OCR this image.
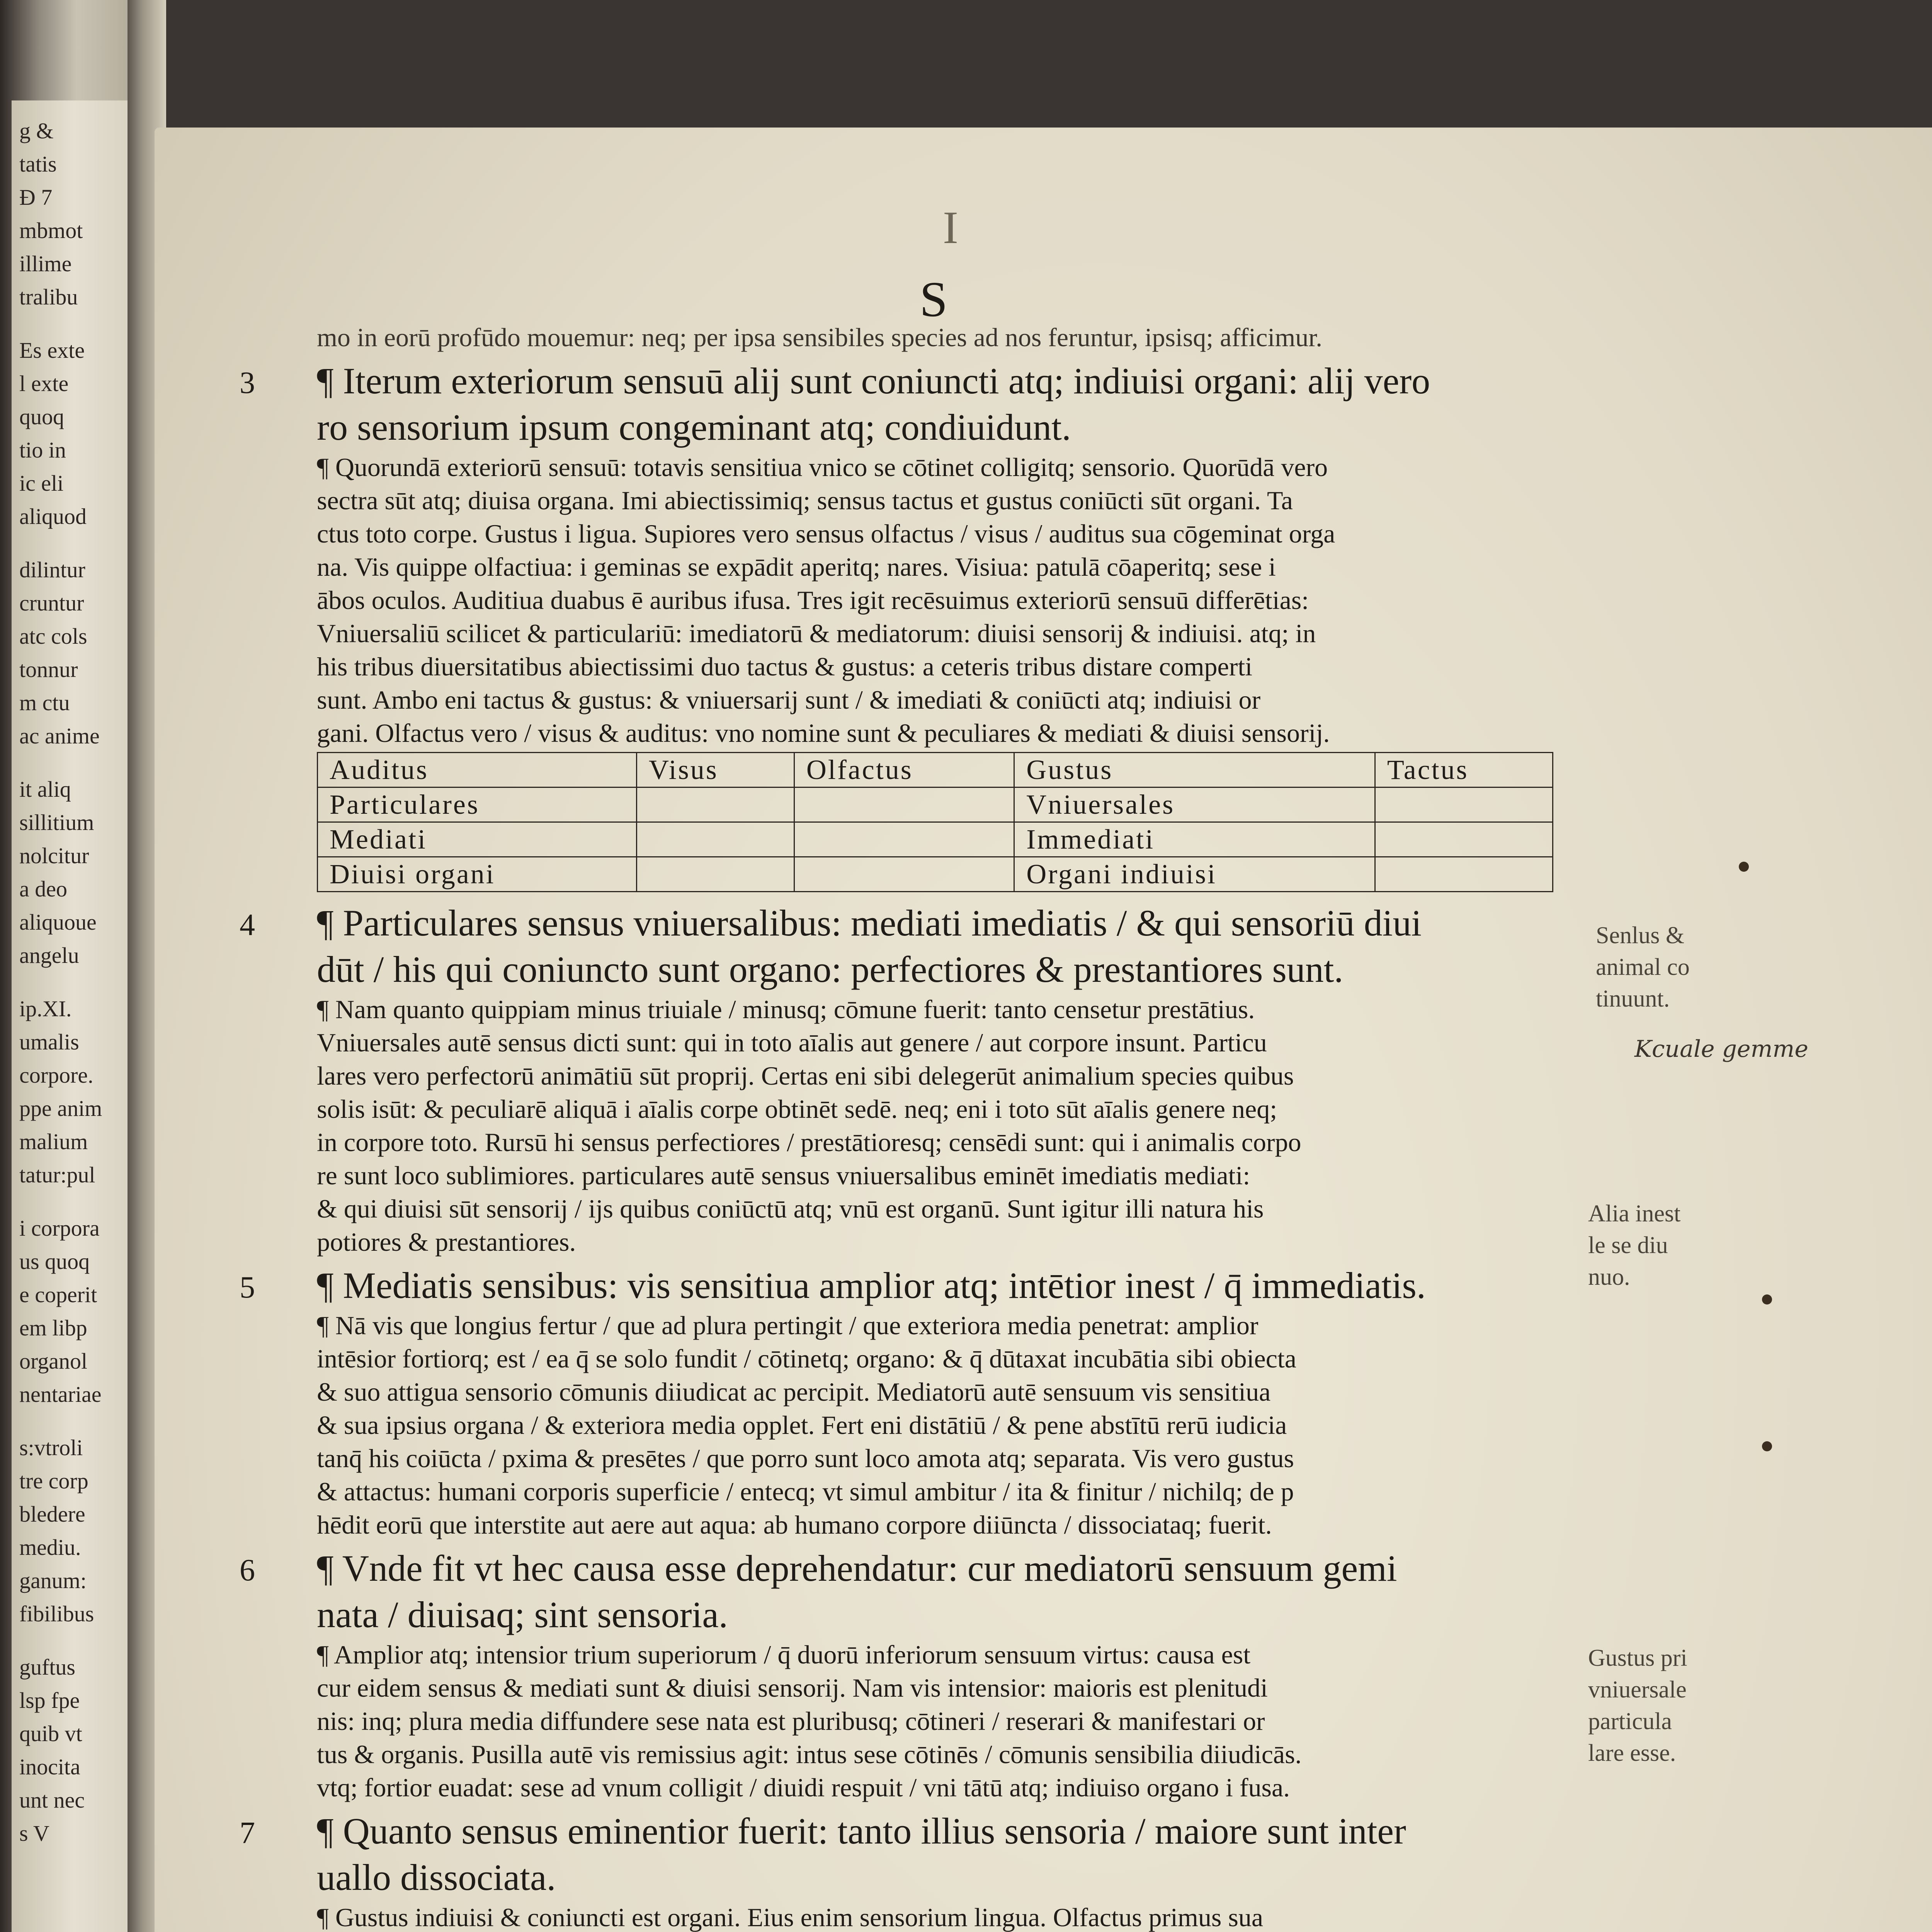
g &
tatis
Ɖ 7
mbmot
illime
tralibu
Es exte
l exte
quoq
tio in
ic eli
aliquod
dilintur
cruntur
atc cols
tonnur
m ctu
ac anime
it aliq
sillitium
nolcitur
a deo
aliquoue
angelu
ip.XI.
umalis
corpore.
ppe anim
malium
tatur:pul
i corpora
us quoq
e coperit
em libp
organol
nentariae
s:vtroli
tre corp
bledere
mediu.
ganum:
fibilibus
guftus
lsp fpe
quib vt
inocita
unt nec
s V
I
S
mo in eorū profūdo mouemur: neq; per ipsa sensibiles species ad nos feruntur, ipsisq; afficimur.
3 ¶ Iterum exteriorum sensuū alij sunt coniuncti atq; indiuisi organi: alij vero
ro sensorium ipsum congeminant atq; condiuidunt.
¶ Quorundā exteriorū sensuū: totavis sensitiua vnico se cōtinet colligitq; sensorio. Quorūdā vero
sectra sūt atq; diuisa organa. Imi abiectissimiq; sensus tactus et gustus coniūcti sūt organi. Ta
ctus toto corpe. Gustus i ligua. Supiores vero sensus olfactus / visus / auditus sua cōgeminat orga
na. Vis quippe olfactiua: i geminas se expādit aperitq; nares. Visiua: patulā cōaperitq; sese i
ābos oculos. Auditiua duabus ē auribus ifusa. Tres igit recēsuimus exteriorū sensuū differētias:
Vniuersaliū scilicet & particulariū: imediatorū & mediatorum: diuisi sensorij & indiuisi. atq; in
his tribus diuersitatibus abiectissimi duo tactus & gustus: a ceteris tribus distare comperti
sunt. Ambo eni tactus & gustus: & vniuersarij sunt / & imediati & coniūcti atq; indiuisi or
gani. Olfactus vero / visus & auditus: vno nomine sunt & peculiares & mediati & diuisi sensorij.
Auditus	Visus	Olfactus	Gustus	Tactus
Particulares			Vniuersales	
Mediati			Immediati	
Diuisi organi			Organi indiuisi	
4 ¶ Particulares sensus vniuersalibus: mediati imediatis / & qui sensoriū diui
dūt / his qui coniuncto sunt organo: perfectiores & prestantiores sunt.
¶ Nam quanto quippiam minus triuiale / minusq; cōmune fuerit: tanto censetur prestātius.
Vniuersales autē sensus dicti sunt: qui in toto aīalis aut genere / aut corpore insunt. Particu
lares vero perfectorū animātiū sūt proprij. Certas eni sibi delegerūt animalium species quibus
solis isūt: & peculiarē aliquā i aīalis corpe obtinēt sedē. neq; eni i toto sūt aīalis genere neq;
in corpore toto. Rursū hi sensus perfectiores / prestātioresq; censēdi sunt: qui i animalis corpo
re sunt loco sublimiores. particulares autē sensus vniuersalibus eminēt imediatis mediati:
& qui diuisi sūt sensorij / ijs quibus coniūctū atq; vnū est organū. Sunt igitur illi natura his
potiores & prestantiores.
5 ¶ Mediatis sensibus: vis sensitiua amplior atq; intētior inest / q̄ immediatis.
¶ Nā vis que longius fertur / que ad plura pertingit / que exteriora media penetrat: amplior
intēsior fortiorq; est / ea q̄ se solo fundit / cōtinetq; organo: & q̄ dūtaxat incubātia sibi obiecta
& suo attigua sensorio cōmunis diiudicat ac percipit. Mediatorū autē sensuum vis sensitiua
& sua ipsius organa / & exteriora media opplet. Fert eni distātiū / & pene abstītū rerū iudicia
tanq̄ his coiūcta / pxima & presētes / que porro sunt loco amota atq; separata. Vis vero gustus
& attactus: humani corporis superficie / entecq; vt simul ambitur / ita & finitur / nichilq; de p
hēdit eorū que interstite aut aere aut aqua: ab humano corpore diiūncta / dissociataq; fuerit.
6 ¶ Vnde fit vt hec causa esse deprehendatur: cur mediatorū sensuum gemi
nata / diuisaq; sint sensoria.
¶ Amplior atq; intensior trium superiorum / q̄ duorū inferiorum sensuum virtus: causa est
cur eidem sensus & mediati sunt & diuisi sensorij. Nam vis intensior: maioris est plenitudi
nis: inq; plura media diffundere sese nata est pluribusq; cōtineri / reserari & manifestari or
tus & organis. Pusilla autē vis remissius agit: intus sese cōtinēs / cōmunis sensibilia diiudicās.
vtq; fortior euadat: sese ad vnum colligit / diuidi respuit / vni tātū atq; indiuiso organo i fusa.
7 ¶ Quanto sensus eminentior fuerit: tanto illius sensoria / maiore sunt inter
uallo dissociata.
¶ Gustus indiuisi & coniuncti est organi. Eius enim sensorium lingua. Olfactus primus sua
Senlus &
animal co
tinuunt.
Kcuale gemme
Alia inest
le se diu
nuo.
Gustus pri
vniuersale
particula
lare esse.
